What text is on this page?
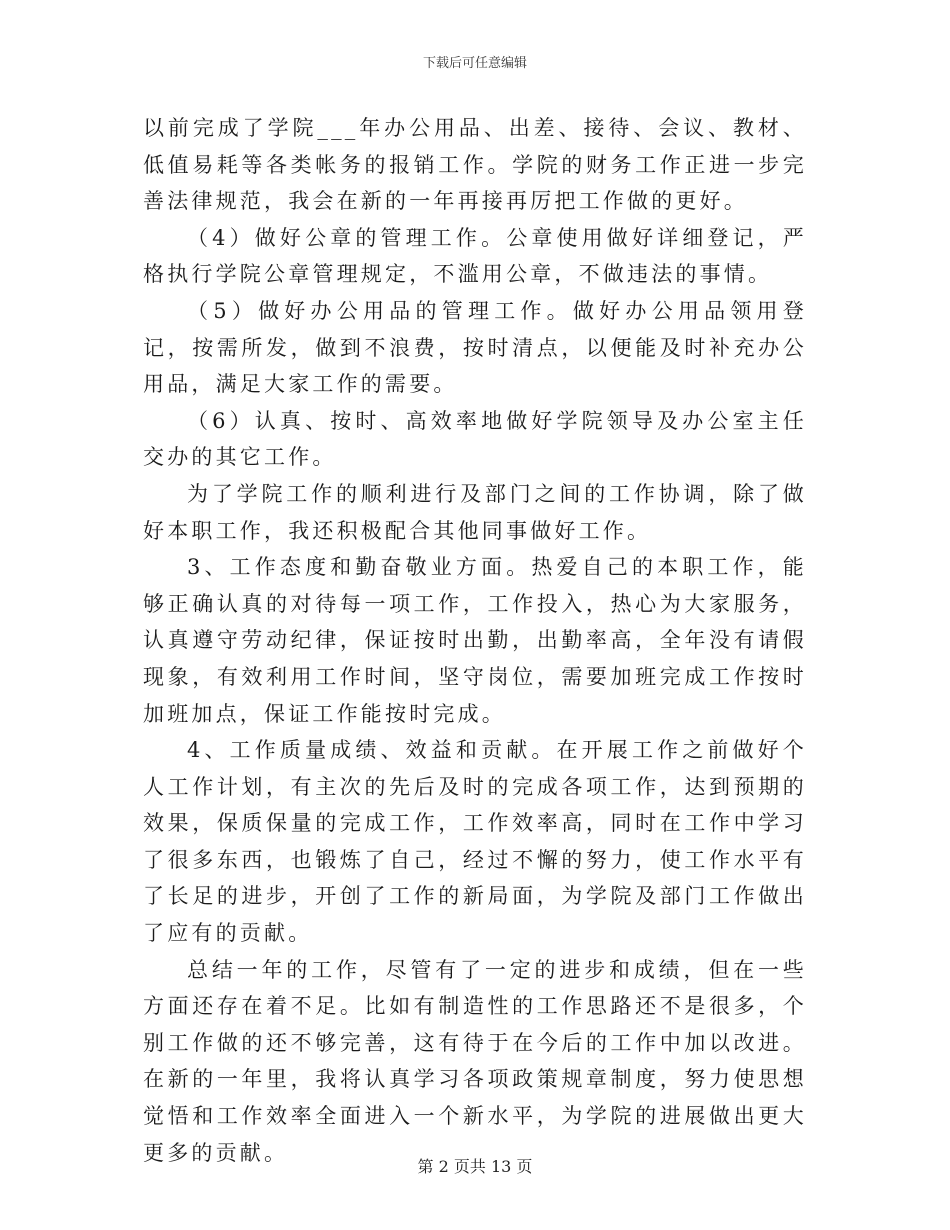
下载后可任意编辑

以前完成了学院___年办公用品、出差、接待、会议、教材、低值易耗等各类帐务的报销工作。学院的财务工作正进一步完善法律规范，我会在新的一年再接再厉把工作做的更好。

（4）做好公章的管理工作。公章使用做好详细登记，严格执行学院公章管理规定，不滥用公章，不做违法的事情。

（5）做好办公用品的管理工作。做好办公用品领用登记，按需所发，做到不浪费，按时清点，以便能及时补充办公用品，满足大家工作的需要。

（6）认真、按时、高效率地做好学院领导及办公室主任交办的其它工作。

为了学院工作的顺利进行及部门之间的工作协调，除了做好本职工作，我还积极配合其他同事做好工作。

3、工作态度和勤奋敬业方面。热爱自己的本职工作，能够正确认真的对待每一项工作，工作投入，热心为大家服务，认真遵守劳动纪律，保证按时出勤，出勤率高，全年没有请假现象，有效利用工作时间，坚守岗位，需要加班完成工作按时加班加点，保证工作能按时完成。

4、工作质量成绩、效益和贡献。在开展工作之前做好个人工作计划，有主次的先后及时的完成各项工作，达到预期的效果，保质保量的完成工作，工作效率高，同时在工作中学习了很多东西，也锻炼了自己，经过不懈的努力，使工作水平有了长足的进步，开创了工作的新局面，为学院及部门工作做出了应有的贡献。

总结一年的工作，尽管有了一定的进步和成绩，但在一些方面还存在着不足。比如有制造性的工作思路还不是很多，个别工作做的还不够完善，这有待于在今后的工作中加以改进。在新的一年里，我将认真学习各项政策规章制度，努力使思想觉悟和工作效率全面进入一个新水平，为学院的进展做出更大更多的贡献。

第 2 页共 13 页
